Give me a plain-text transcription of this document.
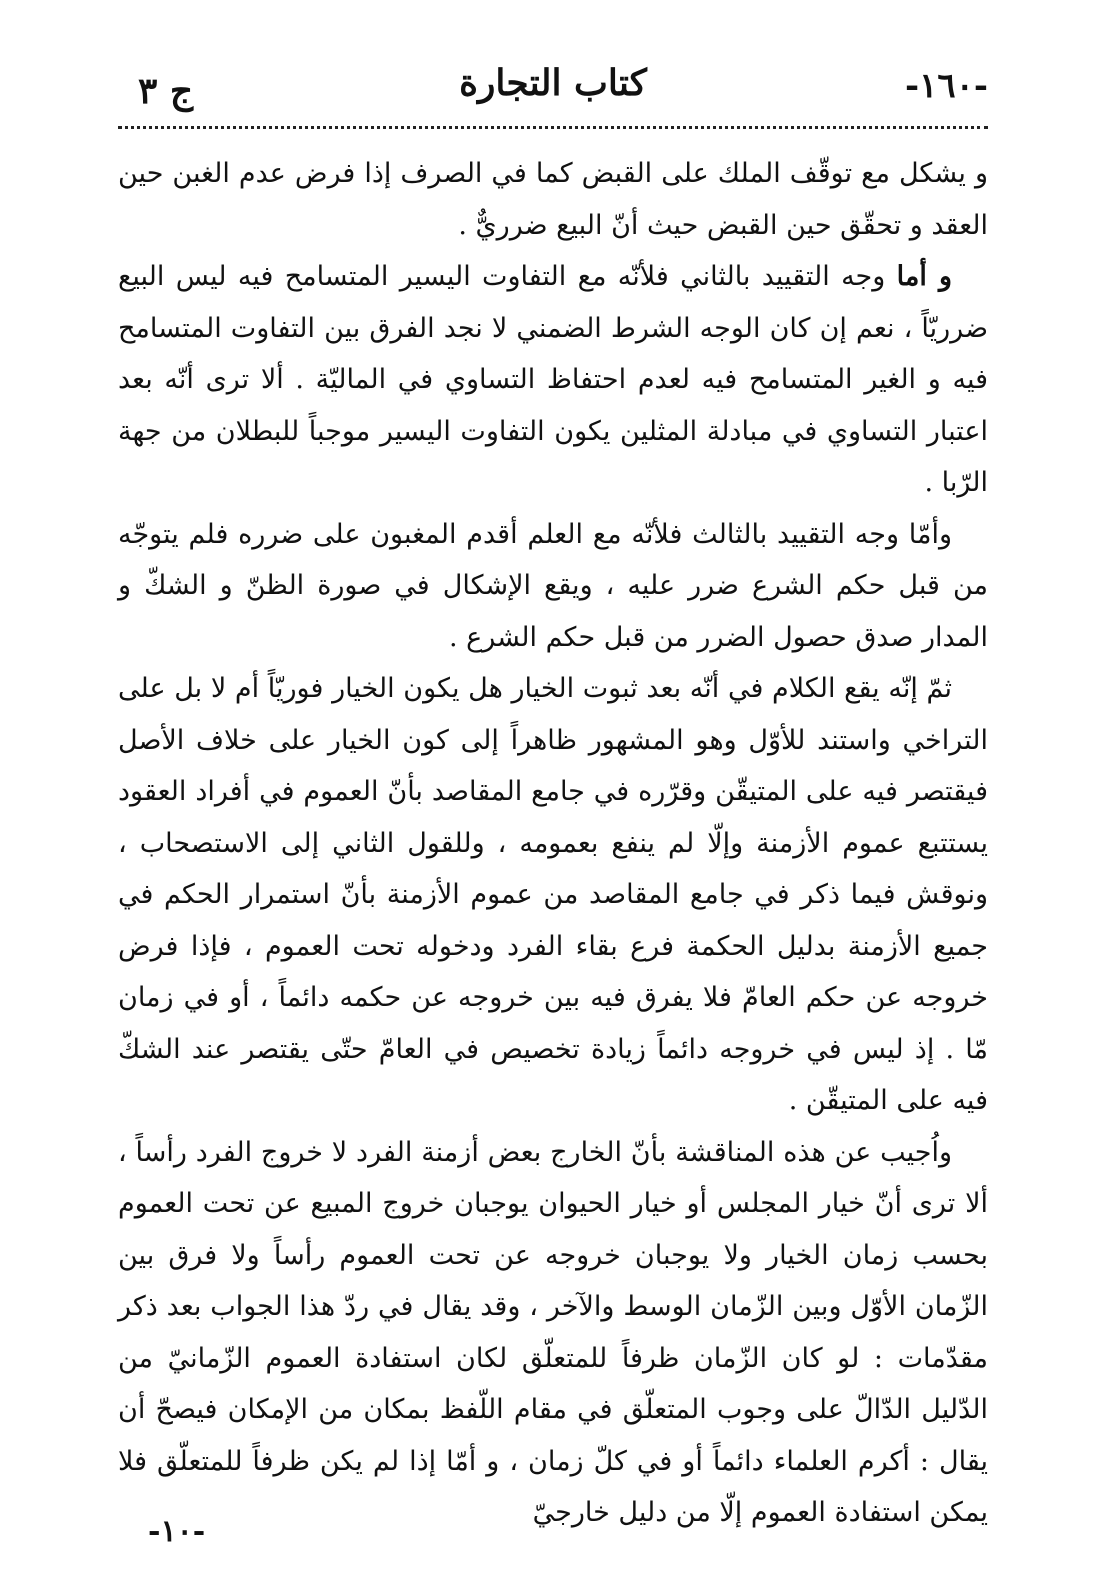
-١٦٠-
كتاب التجارة
ج ٣

و يشكل مع توقّف الملك على القبض كما في الصرف إذا فرض عدم الغبن حين العقد و تحقّق حين القبض حيث أنّ البيع ضرريٌّ .

و أما وجه التقييد بالثاني فلأنّه مع التفاوت اليسير المتسامح فيه ليس البيع ضرريّاً ، نعم إن كان الوجه الشرط الضمني لا نجد الفرق بين التفاوت المتسامح فيه و الغير المتسامح فيه لعدم احتفاظ التساوي في الماليّة . ألا ترى أنّه بعد اعتبار التساوي في مبادلة المثلين يكون التفاوت اليسير موجباً للبطلان من جهة الرّبا .

وأمّا وجه التقييد بالثالث فلأنّه مع العلم أقدم المغبون على ضرره فلم يتوجّه من قبل حكم الشرع ضرر عليه ، ويقع الإشكال في صورة الظنّ و الشكّ و المدار صدق حصول الضرر من قبل حكم الشرع .

ثمّ إنّه يقع الكلام في أنّه بعد ثبوت الخيار هل يكون الخيار فوريّاً أم لا بل على التراخي واستند للأوّل وهو المشهور ظاهراً إلى كون الخيار على خلاف الأصل فيقتصر فيه على المتيقّن وقرّره في جامع المقاصد بأنّ العموم في أفراد العقود يستتبع عموم الأزمنة وإلّا لم ينفع بعمومه ، وللقول الثاني إلى الاستصحاب ، ونوقش فيما ذكر في جامع المقاصد من عموم الأزمنة بأنّ استمرار الحكم في جميع الأزمنة بدليل الحكمة فرع بقاء الفرد ودخوله تحت العموم ، فإذا فرض خروجه عن حكم العامّ فلا يفرق فيه بين خروجه عن حكمه دائماً ، أو في زمان مّا . إذ ليس في خروجه دائماً زيادة تخصيص في العامّ حتّى يقتصر عند الشكّ فيه على المتيقّن .

واُجيب عن هذه المناقشة بأنّ الخارج بعض أزمنة الفرد لا خروج الفرد رأساً ، ألا ترى أنّ خيار المجلس أو خيار الحيوان يوجبان خروج المبيع عن تحت العموم بحسب زمان الخيار ولا يوجبان خروجه عن تحت العموم رأساً ولا فرق بين الزّمان الأوّل وبين الزّمان الوسط والآخر ، وقد يقال في ردّ هذا الجواب بعد ذكر مقدّمات : لو كان الزّمان ظرفاً للمتعلّق لكان استفادة العموم الزّمانيّ من الدّليل الدّالّ على وجوب المتعلّق في مقام اللّفظ بمكان من الإمكان فيصحّ أن يقال : أكرم العلماء دائماً أو في كلّ زمان ، و أمّا إذا لم يكن ظرفاً للمتعلّق فلا يمكن استفادة العموم إلّا من دليل خارجيّ

-١٠-
